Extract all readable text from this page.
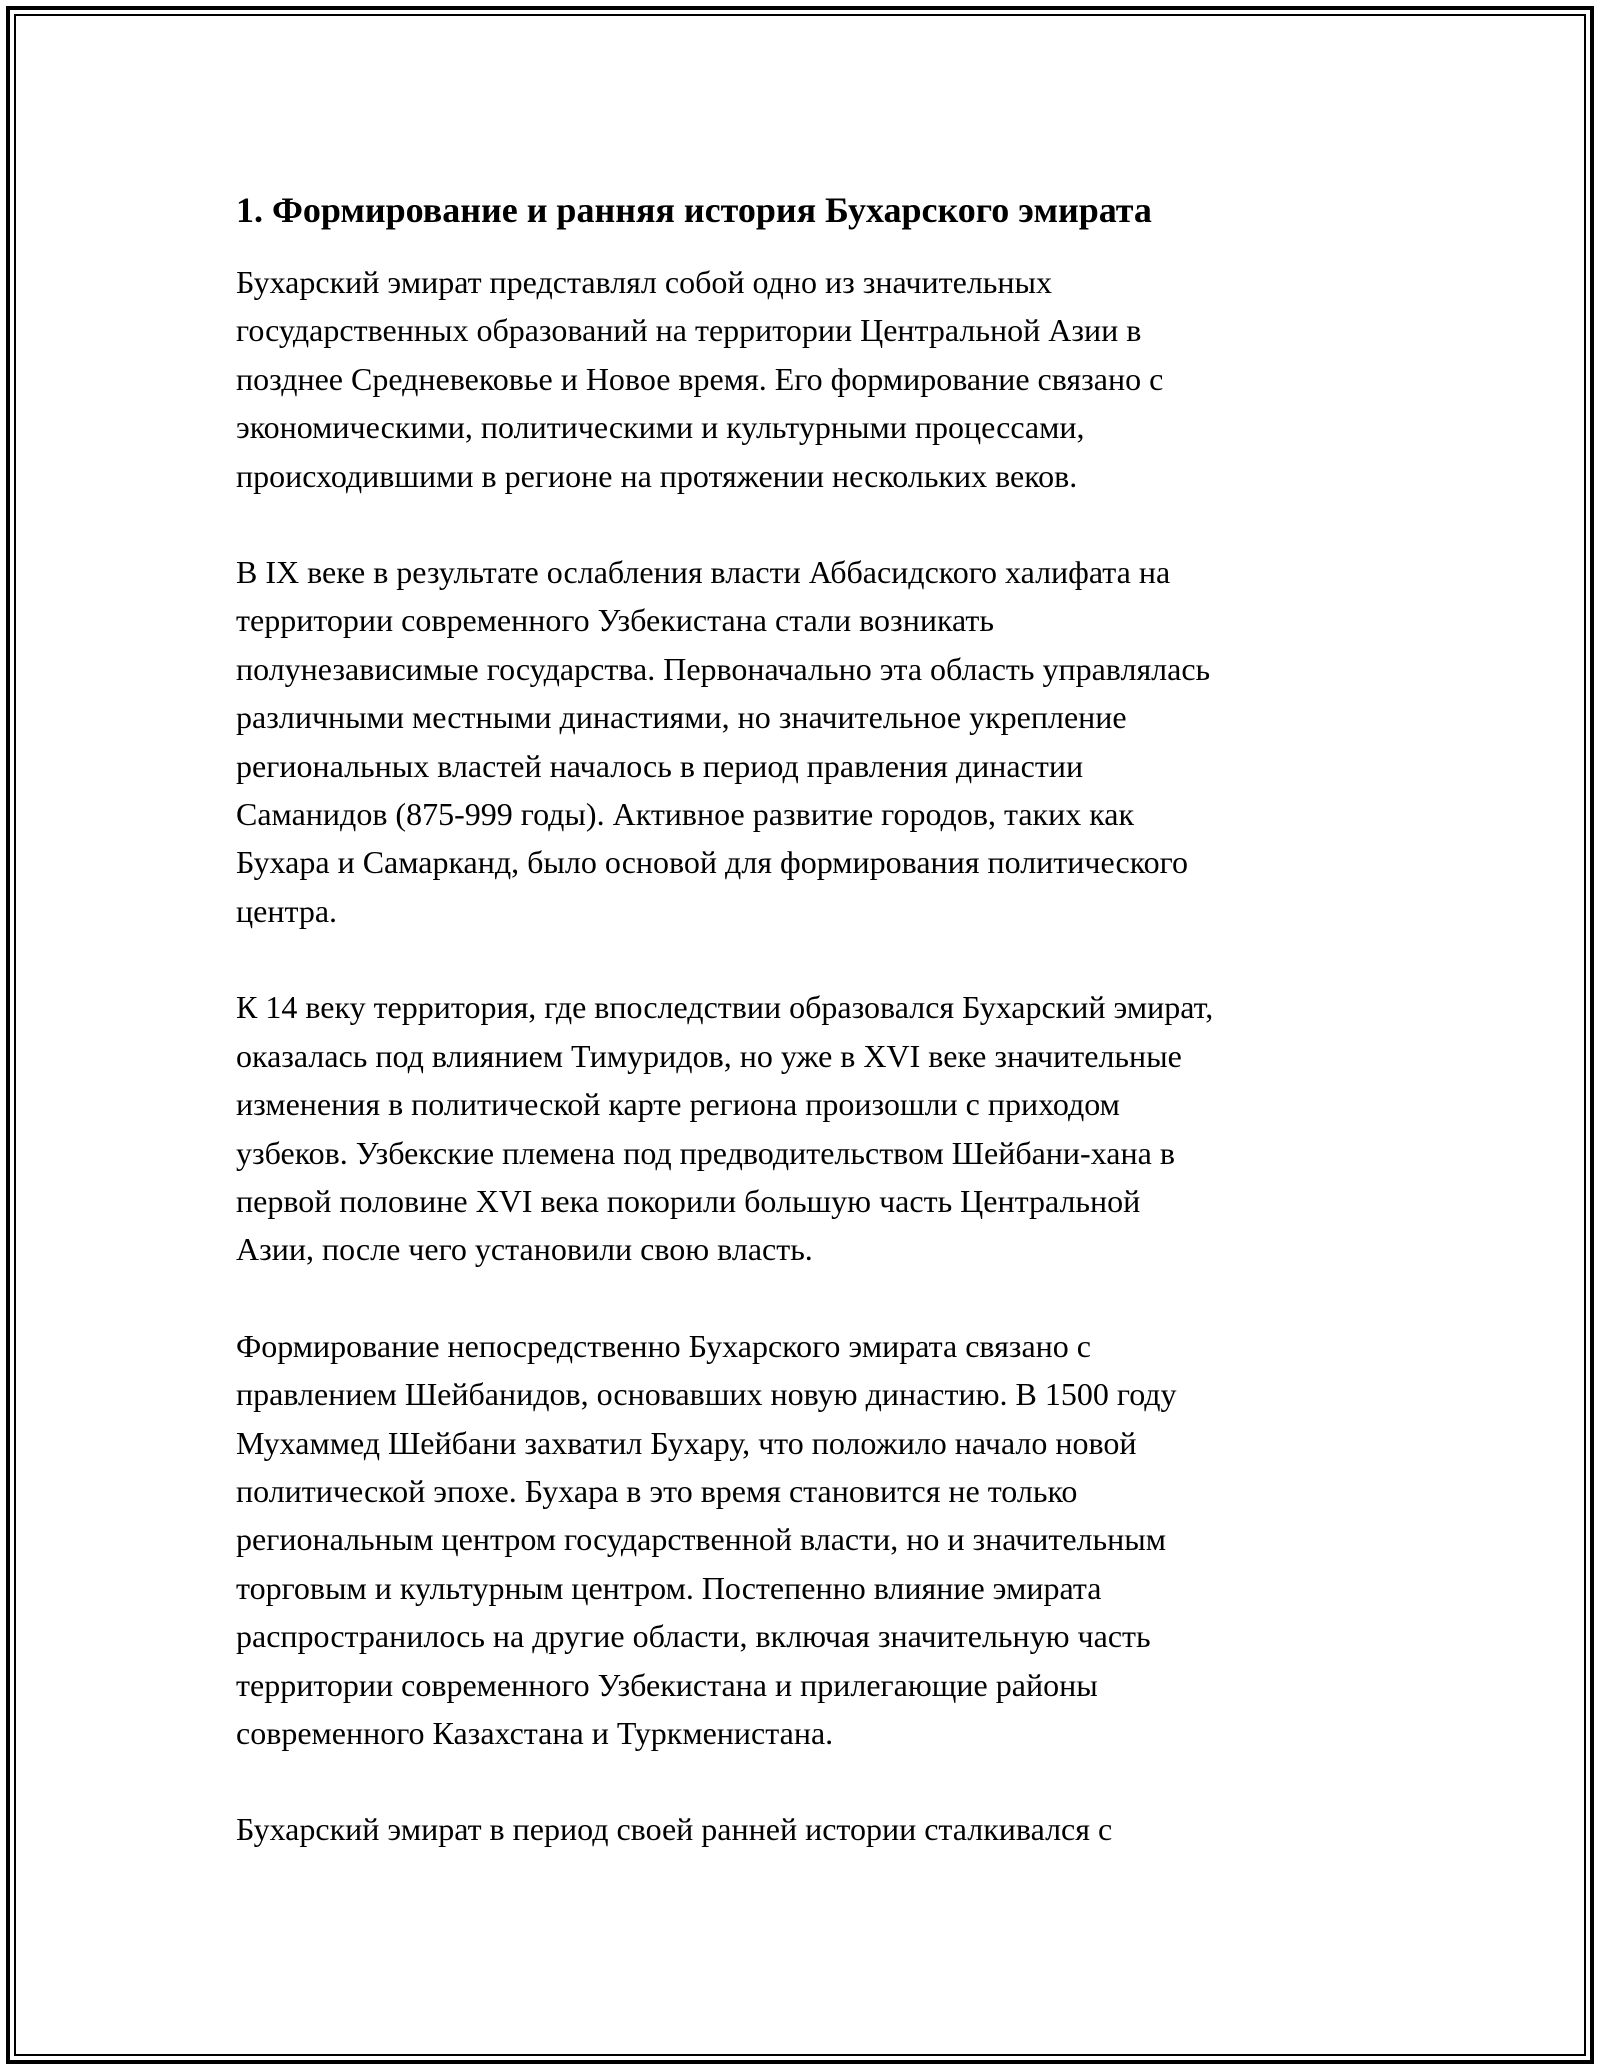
1. Формирование и ранняя история Бухарского эмирата

Бухарский эмират представлял собой одно из значительных
государственных образований на территории Центральной Азии в
позднее Средневековье и Новое время. Его формирование связано с
экономическими, политическими и культурными процессами,
происходившими в регионе на протяжении нескольких веков.

В IX веке в результате ослабления власти Аббасидского халифата на
территории современного Узбекистана стали возникать
полунезависимые государства. Первоначально эта область управлялась
различными местными династиями, но значительное укрепление
региональных властей началось в период правления династии
Саманидов (875-999 годы). Активное развитие городов, таких как
Бухара и Самарканд, было основой для формирования политического
центра.

К 14 веку территория, где впоследствии образовался Бухарский эмират,
оказалась под влиянием Тимуридов, но уже в XVI веке значительные
изменения в политической карте региона произошли с приходом
узбеков. Узбекские племена под предводительством Шейбани-хана в
первой половине XVI века покорили большую часть Центральной
Азии, после чего установили свою власть.

Формирование непосредственно Бухарского эмирата связано с
правлением Шейбанидов, основавших новую династию. В 1500 году
Мухаммед Шейбани захватил Бухару, что положило начало новой
политической эпохе. Бухара в это время становится не только
региональным центром государственной власти, но и значительным
торговым и культурным центром. Постепенно влияние эмирата
распространилось на другие области, включая значительную часть
территории современного Узбекистана и прилегающие районы
современного Казахстана и Туркменистана.

Бухарский эмират в период своей ранней истории сталкивался с
